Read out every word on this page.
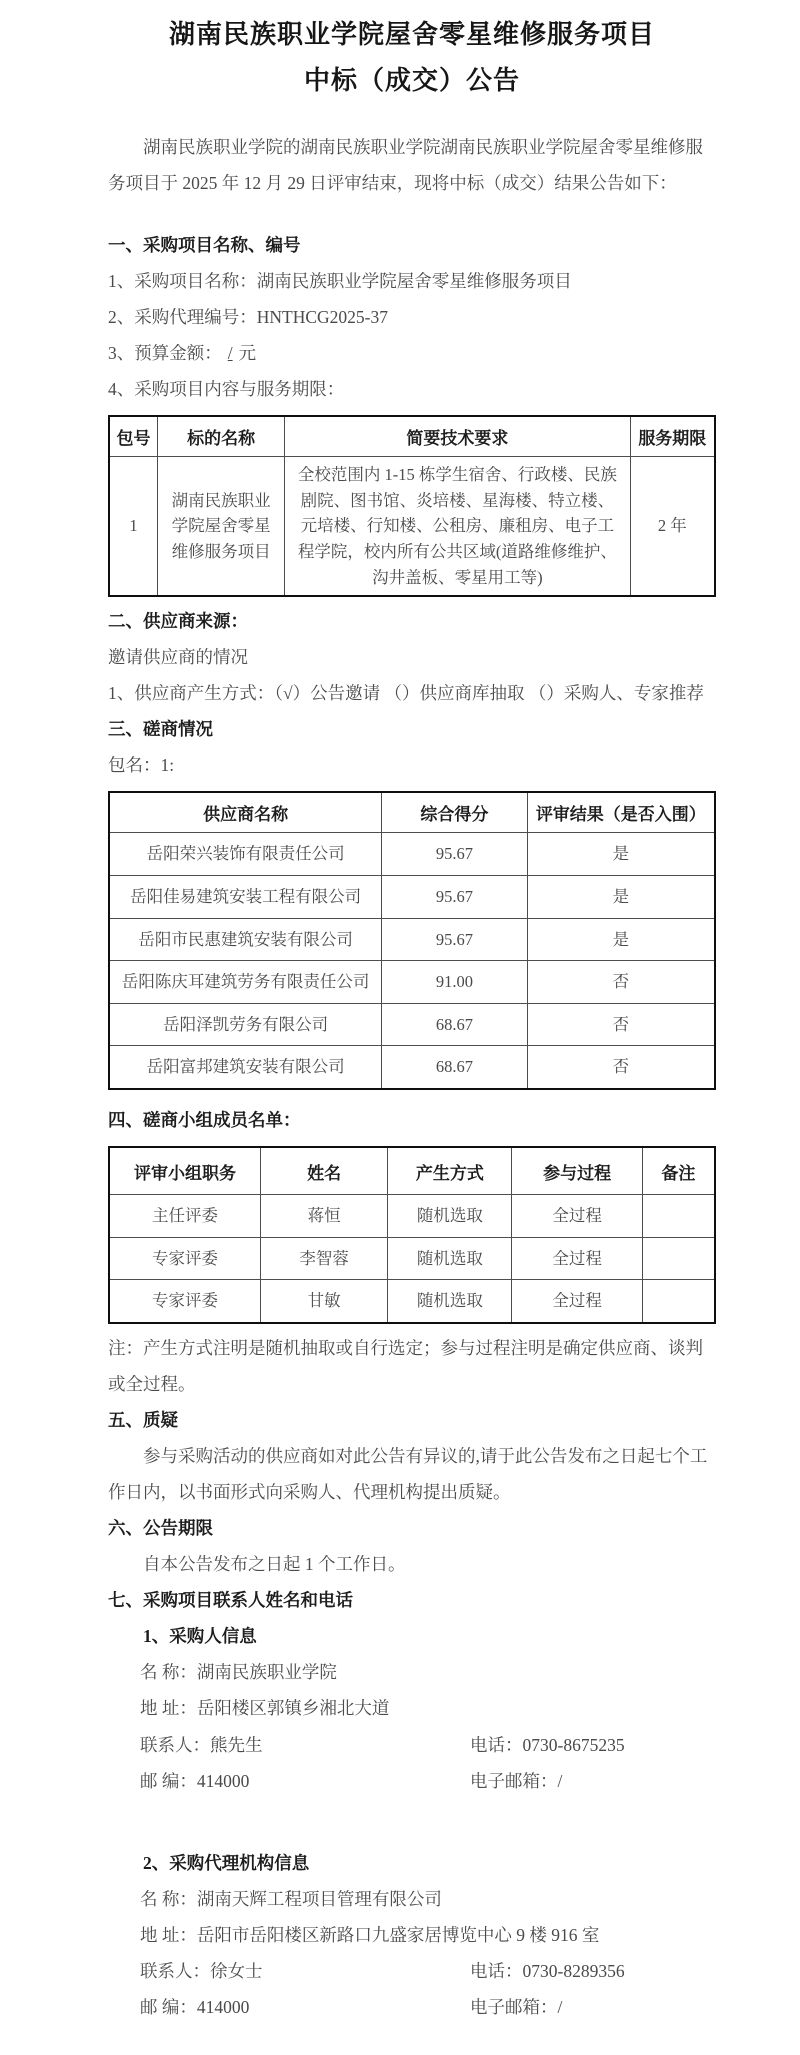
湖南民族职业学院屋舍零星维修服务项目
中标（成交）公告

湖南民族职业学院的湖南民族职业学院湖南民族职业学院屋舍零星维修服务项目于 2025 年 12 月 29 日评审结束，现将中标（成交）结果公告如下：

一、采购项目名称、编号

1、采购项目名称：湖南民族职业学院屋舍零星维修服务项目

2、采购代理编号：HNTHCG2025-37

3、预算金额： / 元

4、采购项目内容与服务期限：

包号	标的名称	简要技术要求	服务期限
1	湖南民族职业学院屋舍零星维修服务项目	全校范围内 1-15 栋学生宿舍、行政楼、民族剧院、图书馆、炎培楼、星海楼、特立楼、元培楼、行知楼、公租房、廉租房、电子工程学院，校内所有公共区域(道路维修维护、沟井盖板、零星用工等)	2 年
二、供应商来源：

邀请供应商的情况

1、供应商产生方式：（√）公告邀请 （）供应商库抽取 （）采购人、专家推荐

三、磋商情况

包名：1:

供应商名称	综合得分	评审结果（是否入围）
岳阳荣兴装饰有限责任公司	95.67	是
岳阳佳易建筑安装工程有限公司	95.67	是
岳阳市民惠建筑安装有限公司	95.67	是
岳阳陈庆耳建筑劳务有限责任公司	91.00	否
岳阳泽凯劳务有限公司	68.67	否
岳阳富邦建筑安装有限公司	68.67	否
四、磋商小组成员名单：
评审小组职务	姓名	产生方式	参与过程	备注
主任评委	蒋恒	随机选取	全过程	
专家评委	李智蓉	随机选取	全过程	
专家评委	甘敏	随机选取	全过程	

注：产生方式注明是随机抽取或自行选定；参与过程注明是确定供应商、谈判或全过程。

五、质疑

参与采购活动的供应商如对此公告有异议的,请于此公告发布之日起七个工作日内，以书面形式向采购人、代理机构提出质疑。

六、公告期限

自本公告发布之日起 1 个工作日。

七、采购项目联系人姓名和电话
1、采购人信息

名 称：湖南民族职业学院

地 址：岳阳楼区郭镇乡湘北大道

联系人：熊先生	电话：0730-8675235
邮 编：414000	电子邮箱：/
2、采购代理机构信息

名 称：湖南天辉工程项目管理有限公司

地 址：岳阳市岳阳楼区新路口九盛家居博览中心 9 楼 916 室

联系人：徐女士	电话：0730-8289356
邮 编：414000	电子邮箱：/
